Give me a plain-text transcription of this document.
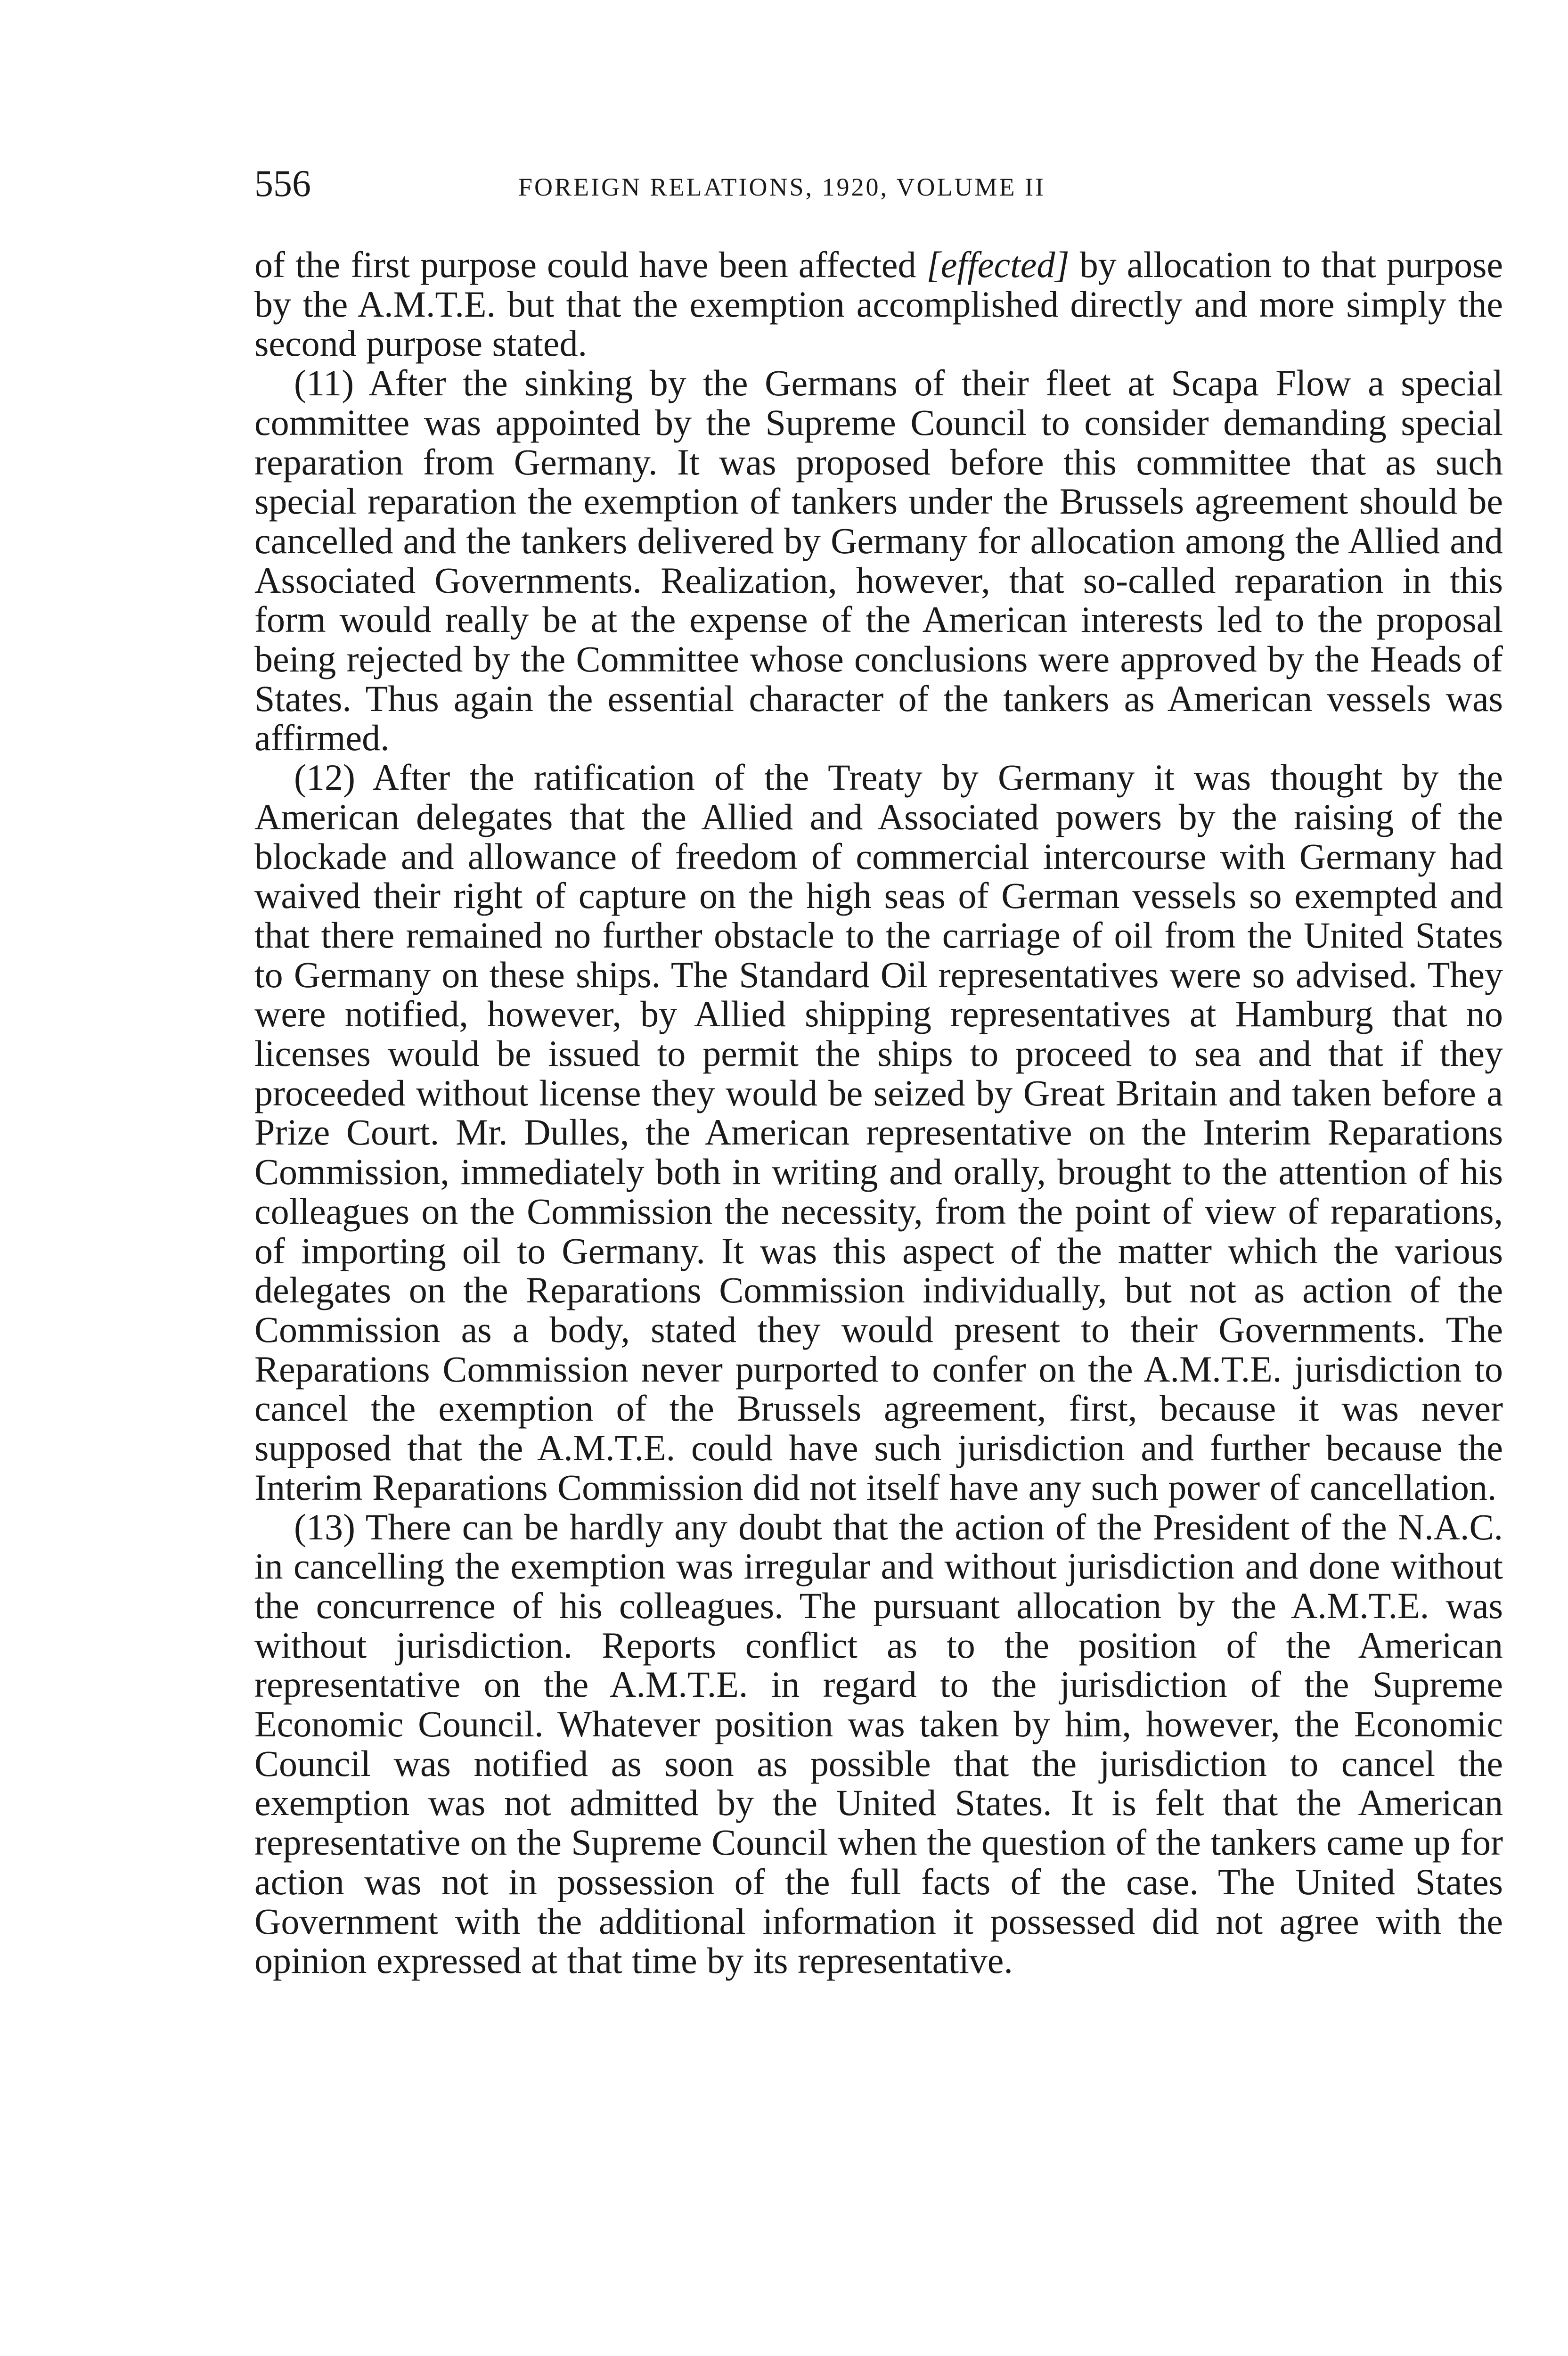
556	FOREIGN RELATIONS, 1920, VOLUME II

of the first purpose could have been affected [effected] by allocation to that purpose by the A.M.T.E. but that the exemption accomplished directly and more simply the second purpose stated.

(11) After the sinking by the Germans of their fleet at Scapa Flow a special committee was appointed by the Supreme Council to consider demanding special reparation from Germany. It was proposed before this committee that as such special reparation the exemption of tankers under the Brussels agreement should be cancelled and the tankers delivered by Germany for allocation among the Allied and Associated Governments. Realization, however, that so-called reparation in this form would really be at the expense of the American interests led to the proposal being rejected by the Committee whose conclusions were approved by the Heads of States. Thus again the essential character of the tankers as American vessels was affirmed.

(12) After the ratification of the Treaty by Germany it was thought by the American delegates that the Allied and Associated powers by the raising of the blockade and allowance of freedom of commercial intercourse with Germany had waived their right of capture on the high seas of German vessels so exempted and that there remained no further obstacle to the carriage of oil from the United States to Germany on these ships. The Standard Oil representatives were so advised. They were notified, however, by Allied shipping representatives at Hamburg that no licenses would be issued to permit the ships to proceed to sea and that if they proceeded without license they would be seized by Great Britain and taken before a Prize Court. Mr. Dulles, the American representative on the Interim Reparations Commission, immediately both in writing and orally, brought to the attention of his colleagues on the Commission the necessity, from the point of view of reparations, of importing oil to Germany. It was this aspect of the matter which the various delegates on the Reparations Commission individually, but not as action of the Commission as a body, stated they would present to their Governments. The Reparations Commission never purported to confer on the A.M.T.E. jurisdiction to cancel the exemption of the Brussels agreement, first, because it was never supposed that the A.M.T.E. could have such jurisdiction and further because the Interim Reparations Commission did not itself have any such power of cancellation.

(13) There can be hardly any doubt that the action of the President of the N.A.C. in cancelling the exemption was irregular and without jurisdiction and done without the concurrence of his colleagues. The pursuant allocation by the A.M.T.E. was without jurisdiction. Reports conflict as to the position of the American representative on the A.M.T.E. in regard to the jurisdiction of the Supreme Economic Council. Whatever position was taken by him, however, the Economic Council was notified as soon as possible that the jurisdiction to cancel the exemption was not admitted by the United States. It is felt that the American representative on the Supreme Council when the question of the tankers came up for action was not in possession of the full facts of the case. The United States Government with the additional information it possessed did not agree with the opinion expressed at that time by its representative.
